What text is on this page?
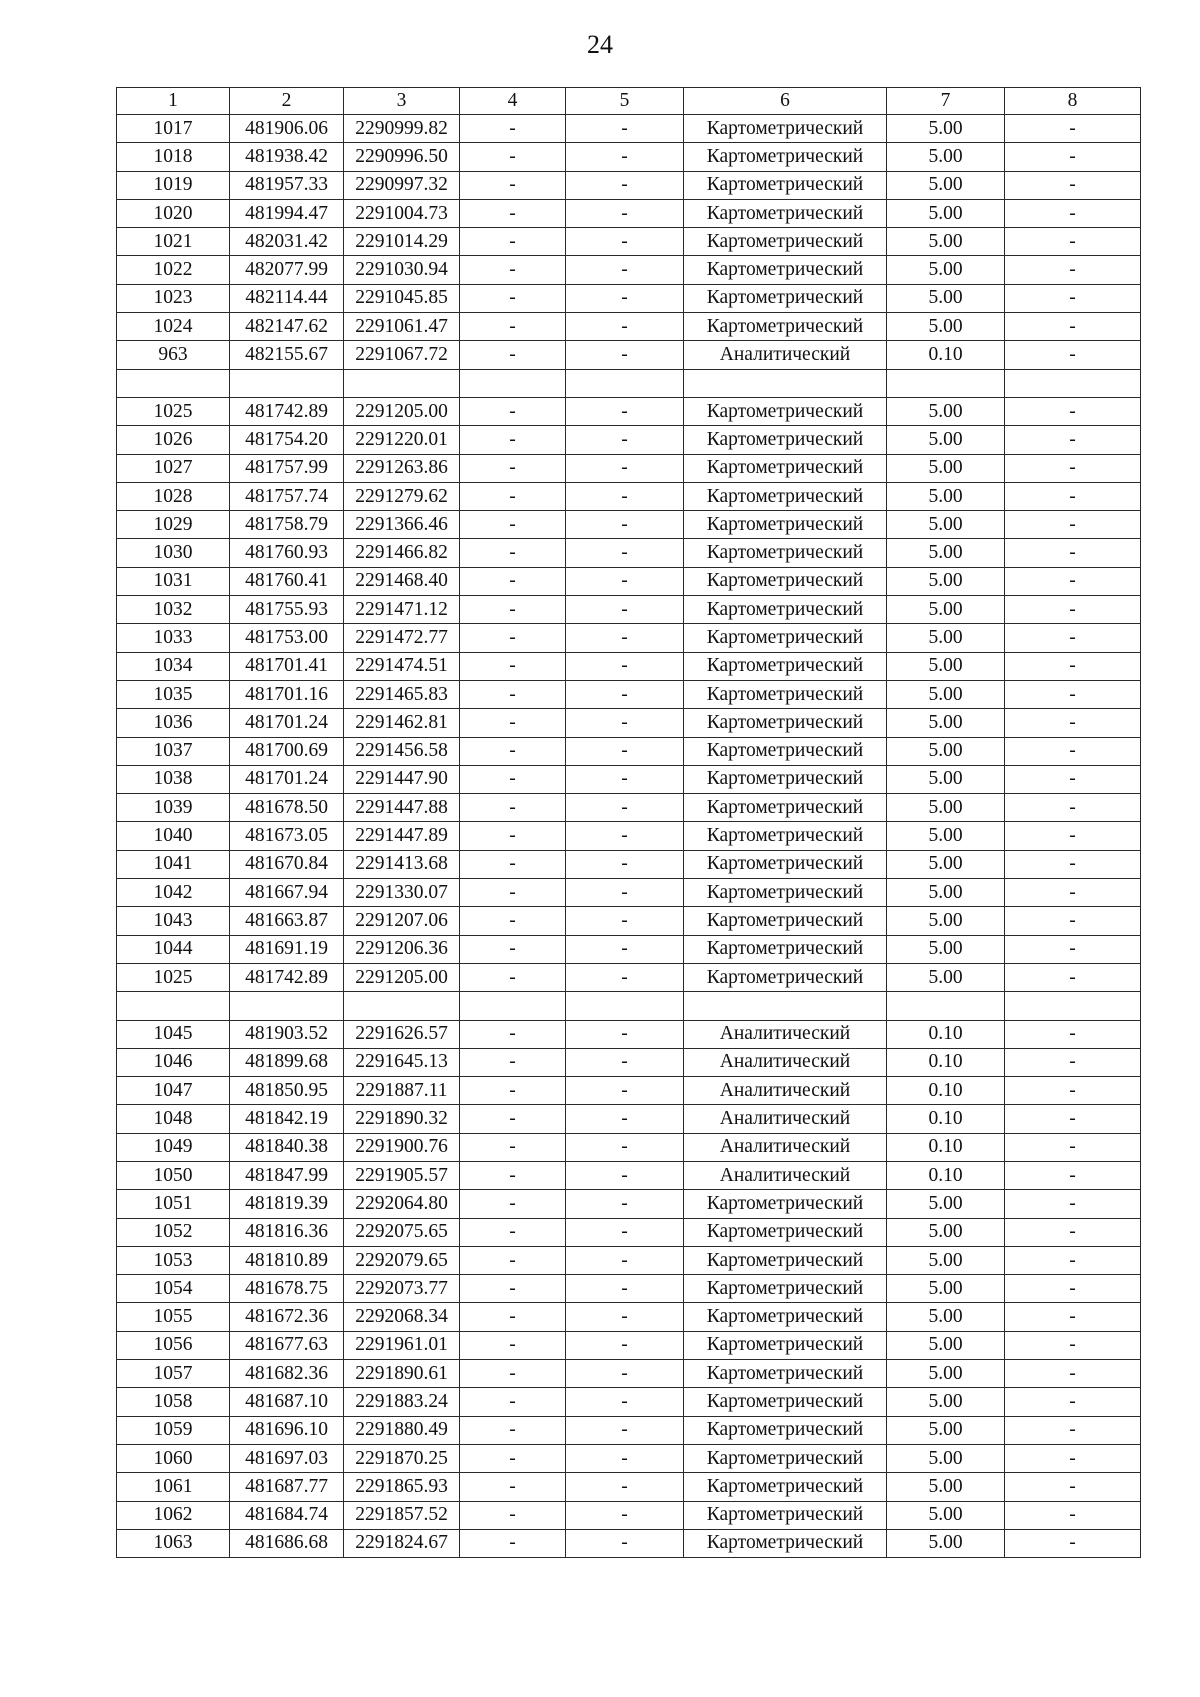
24
1	2	3	4	5	6	7	8
1017	481906.06	2290999.82	-	-	Картометрический	5.00	-
1018	481938.42	2290996.50	-	-	Картометрический	5.00	-
1019	481957.33	2290997.32	-	-	Картометрический	5.00	-
1020	481994.47	2291004.73	-	-	Картометрический	5.00	-
1021	482031.42	2291014.29	-	-	Картометрический	5.00	-
1022	482077.99	2291030.94	-	-	Картометрический	5.00	-
1023	482114.44	2291045.85	-	-	Картометрический	5.00	-
1024	482147.62	2291061.47	-	-	Картометрический	5.00	-
963	482155.67	2291067.72	-	-	Аналитический	0.10	-

1025	481742.89	2291205.00	-	-	Картометрический	5.00	-
1026	481754.20	2291220.01	-	-	Картометрический	5.00	-
1027	481757.99	2291263.86	-	-	Картометрический	5.00	-
1028	481757.74	2291279.62	-	-	Картометрический	5.00	-
1029	481758.79	2291366.46	-	-	Картометрический	5.00	-
1030	481760.93	2291466.82	-	-	Картометрический	5.00	-
1031	481760.41	2291468.40	-	-	Картометрический	5.00	-
1032	481755.93	2291471.12	-	-	Картометрический	5.00	-
1033	481753.00	2291472.77	-	-	Картометрический	5.00	-
1034	481701.41	2291474.51	-	-	Картометрический	5.00	-
1035	481701.16	2291465.83	-	-	Картометрический	5.00	-
1036	481701.24	2291462.81	-	-	Картометрический	5.00	-
1037	481700.69	2291456.58	-	-	Картометрический	5.00	-
1038	481701.24	2291447.90	-	-	Картометрический	5.00	-
1039	481678.50	2291447.88	-	-	Картометрический	5.00	-
1040	481673.05	2291447.89	-	-	Картометрический	5.00	-
1041	481670.84	2291413.68	-	-	Картометрический	5.00	-
1042	481667.94	2291330.07	-	-	Картометрический	5.00	-
1043	481663.87	2291207.06	-	-	Картометрический	5.00	-
1044	481691.19	2291206.36	-	-	Картометрический	5.00	-
1025	481742.89	2291205.00	-	-	Картометрический	5.00	-

1045	481903.52	2291626.57	-	-	Аналитический	0.10	-
1046	481899.68	2291645.13	-	-	Аналитический	0.10	-
1047	481850.95	2291887.11	-	-	Аналитический	0.10	-
1048	481842.19	2291890.32	-	-	Аналитический	0.10	-
1049	481840.38	2291900.76	-	-	Аналитический	0.10	-
1050	481847.99	2291905.57	-	-	Аналитический	0.10	-
1051	481819.39	2292064.80	-	-	Картометрический	5.00	-
1052	481816.36	2292075.65	-	-	Картометрический	5.00	-
1053	481810.89	2292079.65	-	-	Картометрический	5.00	-
1054	481678.75	2292073.77	-	-	Картометрический	5.00	-
1055	481672.36	2292068.34	-	-	Картометрический	5.00	-
1056	481677.63	2291961.01	-	-	Картометрический	5.00	-
1057	481682.36	2291890.61	-	-	Картометрический	5.00	-
1058	481687.10	2291883.24	-	-	Картометрический	5.00	-
1059	481696.10	2291880.49	-	-	Картометрический	5.00	-
1060	481697.03	2291870.25	-	-	Картометрический	5.00	-
1061	481687.77	2291865.93	-	-	Картометрический	5.00	-
1062	481684.74	2291857.52	-	-	Картометрический	5.00	-
1063	481686.68	2291824.67	-	-	Картометрический	5.00	-
